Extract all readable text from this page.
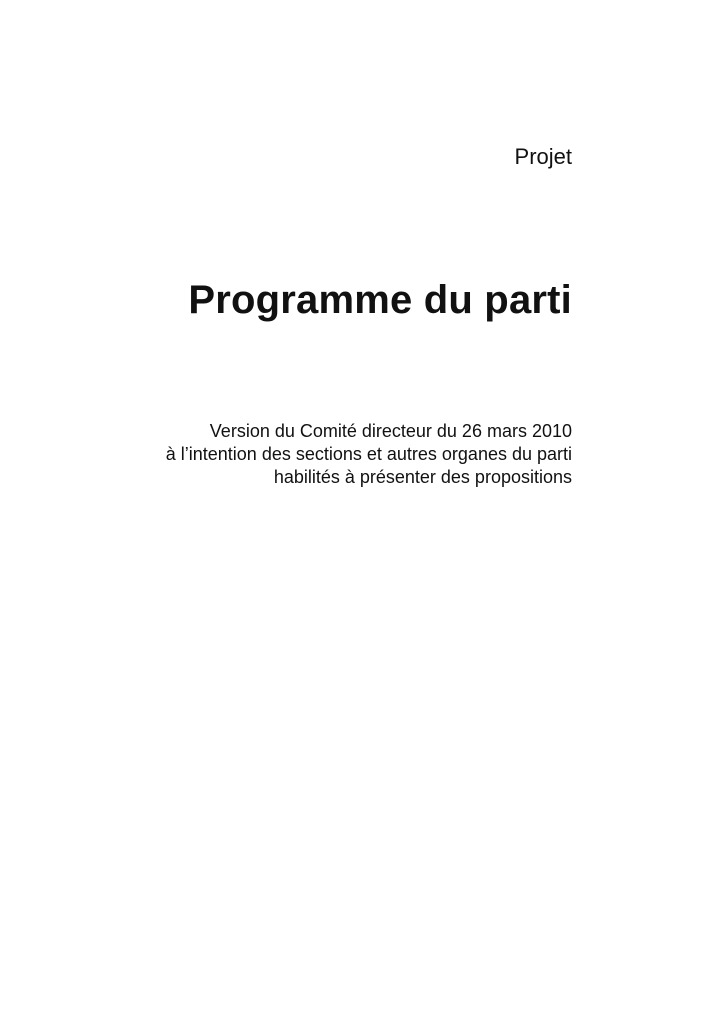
Projet
Programme du parti
Version du Comité directeur du 26 mars 2010
à l’intention des sections et autres organes du parti
habilités à présenter des propositions
